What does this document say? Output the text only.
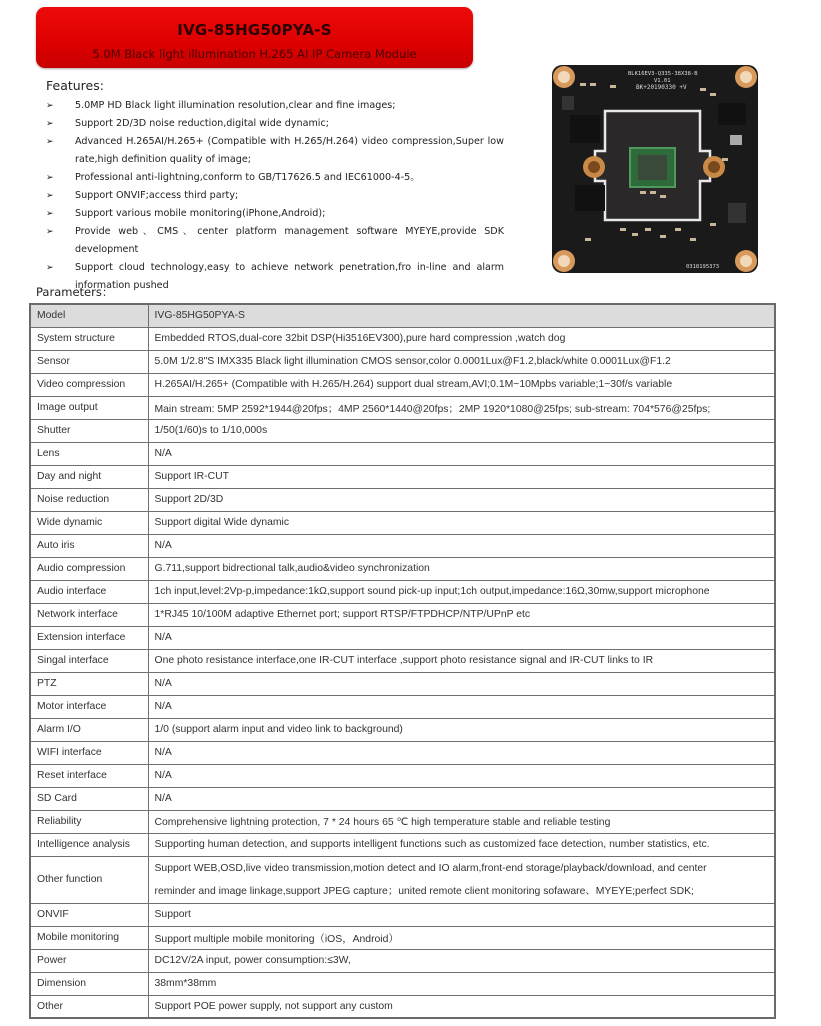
IVG-85HG50PYA-S
5.0M Black light illumination H.265 AI IP Camera Module
Features:
➢ 5.0MP HD Black light illumination resolution,clear and fine images;
➢ Support 2D/3D noise reduction,digital wide dynamic;
➢ Advanced H.265AI/H.265+ (Compatible with H.265/H.264) video compression,Super low rate,high definition quality of image;
➢ Professional anti-lightning,conform to GB/T17626.5 and IEC61000-4-5。
➢ Support ONVIF;access third party;
➢ Support various mobile monitoring(iPhone,Android);
➢ Provide web、CMS、center platform management software MYEYE,provide SDK development
➢ Support cloud technology,easy to achieve network penetration,fro in-line and alarm information pushed
BLK16EV3-Q335-38X38-B
V1.01
BK+20190330 +V
0318195373
Parameters：
Model	IVG-85HG50PYA-S
System structure	Embedded RTOS,dual-core 32bit DSP(Hi3516EV300),pure hard compression ,watch dog
Sensor	5.0M 1/2.8"S IMX335 Black light illumination CMOS sensor,color 0.0001Lux@F1.2,black/white 0.0001Lux@F1.2
Video compression	H.265AI/H.265+ (Compatible with H.265/H.264) support dual stream,AVI;0.1M~10Mpbs variable;1~30f/s variable
Image output	Main stream: 5MP 2592*1944@20fps；4MP 2560*1440@20fps；2MP 1920*1080@25fps; sub-stream: 704*576@25fps;
Shutter	1/50(1/60)s to 1/10,000s
Lens	N/A
Day and night	Support IR-CUT
Noise reduction	Support 2D/3D
Wide dynamic	Support digital Wide dynamic
Auto iris	N/A
Audio compression	G.711,support bidrectional talk,audio&video synchronization
Audio interface	1ch input,level:2Vp-p,impedance:1kΩ,support sound pick-up input;1ch output,impedance:16Ω,30mw,support microphone
Network interface	1*RJ45 10/100M adaptive Ethernet port; support RTSP/FTPDHCP/NTP/UPnP etc
Extension interface	N/A
Singal interface	One photo resistance interface,one IR-CUT interface ,support photo resistance signal and IR-CUT links to IR
PTZ	N/A
Motor interface	N/A
Alarm I/O	1/0 (support alarm input and video link to background)
WIFI interface	N/A
Reset interface	N/A
SD Card	N/A
Reliability	Comprehensive lightning protection, 7 * 24 hours 65 ℃ high temperature stable and reliable testing
Intelligence analysis	Supporting human detection, and supports intelligent functions such as customized face detection, number statistics, etc.
Other function	Support WEB,OSD,live video transmission,motion detect and IO alarm,front-end storage/playback/download, and center
reminder and image linkage,support JPEG capture；united remote client monitoring sofaware、MYEYE;perfect SDK;

ONVIF	Support
Mobile monitoring	Support multiple mobile monitoring（iOS，Android）
Power	DC12V/2A input, power consumption:≤3W,
Dimension	38mm*38mm
Other	Support POE power supply, not support any custom
